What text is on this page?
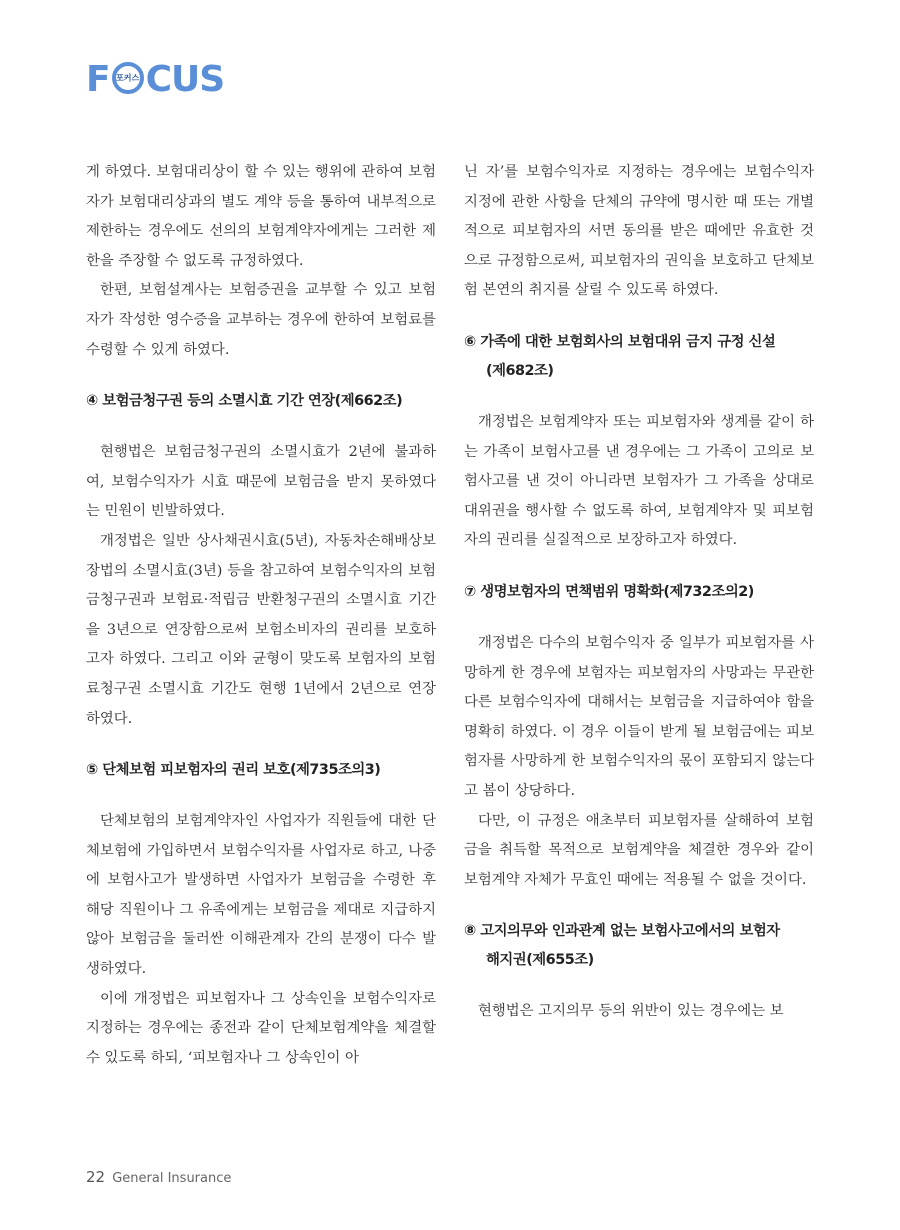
F 포커스 CUS

게 하였다. 보험대리상이 할 수 있는 행위에 관하여 보험자가 보험대리상과의 별도 계약 등을 통하여 내부적으로 제한하는 경우에도 선의의 보험계약자에게는 그러한 제한을 주장할 수 없도록 규정하였다.

한편, 보험설계사는 보험증권을 교부할 수 있고 보험자가 작성한 영수증을 교부하는 경우에 한하여 보험료를 수령할 수 있게 하였다.

④ 보험금청구권 등의 소멸시효 기간 연장(제662조)

현행법은 보험금청구권의 소멸시효가 2년에 불과하여, 보험수익자가 시효 때문에 보험금을 받지 못하였다는 민원이 빈발하였다.

개정법은 일반 상사채권시효(5년), 자동차손해배상보장법의 소멸시효(3년) 등을 참고하여 보험수익자의 보험금청구권과 보험료·적립금 반환청구권의 소멸시효 기간을 3년으로 연장함으로써 보험소비자의 권리를 보호하고자 하였다. 그리고 이와 균형이 맞도록 보험자의 보험료청구권 소멸시효 기간도 현행 1년에서 2년으로 연장하였다.

⑤ 단체보험 피보험자의 권리 보호(제735조의3)

단체보험의 보험계약자인 사업자가 직원들에 대한 단체보험에 가입하면서 보험수익자를 사업자로 하고, 나중에 보험사고가 발생하면 사업자가 보험금을 수령한 후 해당 직원이나 그 유족에게는 보험금을 제대로 지급하지 않아 보험금을 둘러싼 이해관계자 간의 분쟁이 다수 발생하였다.

이에 개정법은 피보험자나 그 상속인을 보험수익자로 지정하는 경우에는 종전과 같이 단체보험계약을 체결할 수 있도록 하되, ‘피보험자나 그 상속인이 아

닌 자’를 보험수익자로 지정하는 경우에는 보험수익자 지정에 관한 사항을 단체의 규약에 명시한 때 또는 개별적으로 피보험자의 서면 동의를 받은 때에만 유효한 것으로 규정함으로써, 피보험자의 권익을 보호하고 단체보험 본연의 취지를 살릴 수 있도록 하였다.

⑥ 가족에 대한 보험회사의 보험대위 금지 규정 신설
(제682조)

개정법은 보험계약자 또는 피보험자와 생계를 같이 하는 가족이 보험사고를 낸 경우에는 그 가족이 고의로 보험사고를 낸 것이 아니라면 보험자가 그 가족을 상대로 대위권을 행사할 수 없도록 하여, 보험계약자 및 피보험자의 권리를 실질적으로 보장하고자 하였다.

⑦ 생명보험자의 면책범위 명확화(제732조의2)

개정법은 다수의 보험수익자 중 일부가 피보험자를 사망하게 한 경우에 보험자는 피보험자의 사망과는 무관한 다른 보험수익자에 대해서는 보험금을 지급하여야 함을 명확히 하였다. 이 경우 이들이 받게 될 보험금에는 피보험자를 사망하게 한 보험수익자의 몫이 포함되지 않는다고 봄이 상당하다.

다만, 이 규정은 애초부터 피보험자를 살해하여 보험금을 취득할 목적으로 보험계약을 체결한 경우와 같이 보험계약 자체가 무효인 때에는 적용될 수 없을 것이다.

⑧ 고지의무와 인과관계 없는 보험사고에서의 보험자
해지권(제655조)

현행법은 고지의무 등의 위반이 있는 경우에는 보

22 General Insurance
